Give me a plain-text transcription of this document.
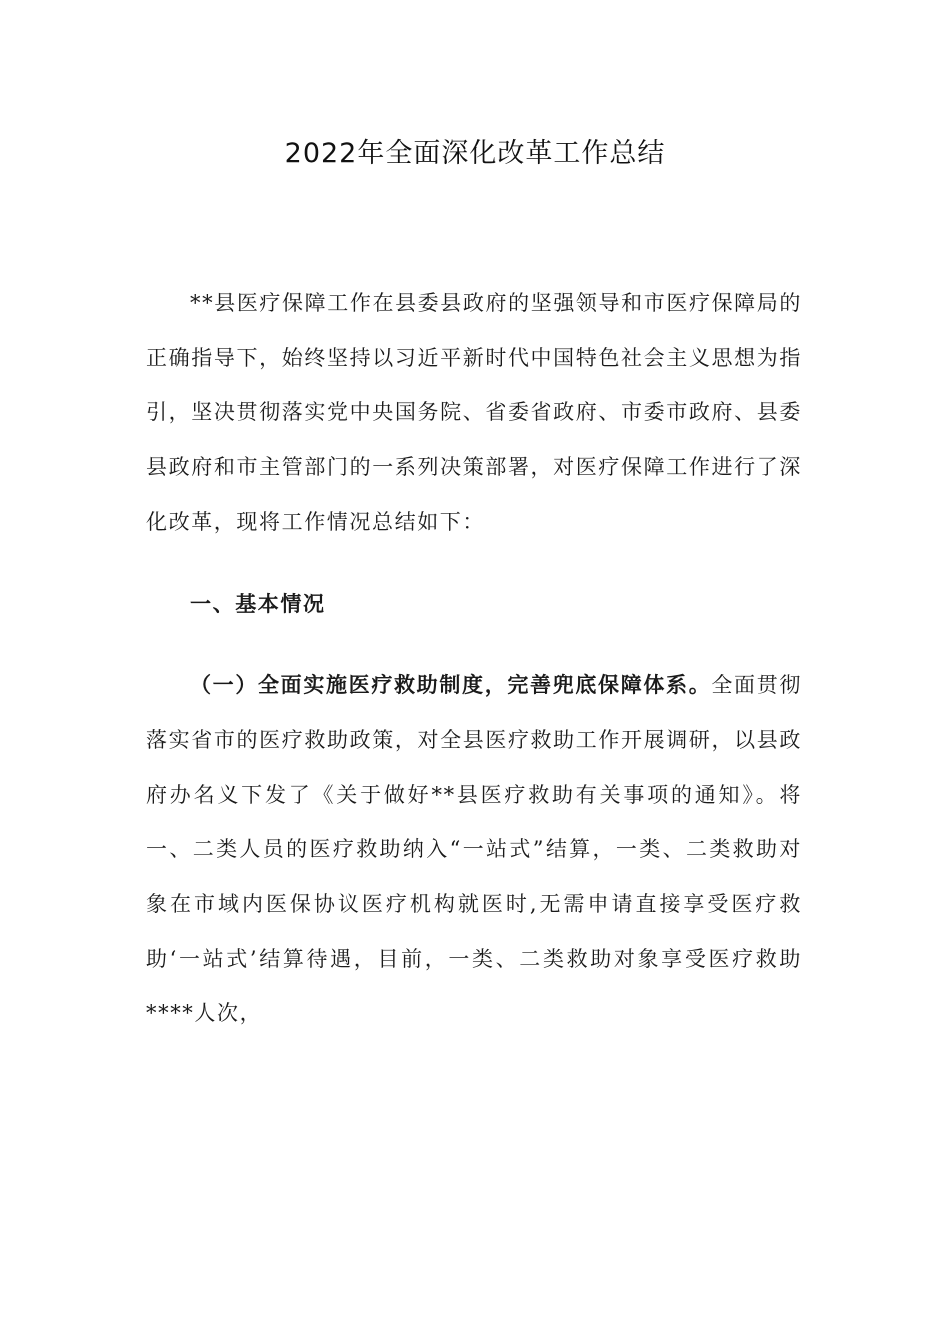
2022年全面深化改革工作总结

**县医疗保障工作在县委县政府的坚强领导和市医疗保障局的正确指导下，始终坚持以习近平新时代中国特色社会主义思想为指引，坚决贯彻落实党中央国务院、省委省政府、市委市政府、县委县政府和市主管部门的一系列决策部署，对医疗保障工作进行了深化改革，现将工作情况总结如下：

一、基本情况

（一）全面实施医疗救助制度，完善兜底保障体系。全面贯彻落实省市的医疗救助政策，对全县医疗救助工作开展调研，以县政府办名义下发了《关于做好**县医疗救助有关事项的通知》。将一、二类人员的医疗救助纳入“一站式”结算，一类、二类救助对象在市域内医保协议医疗机构就医时,无需申请直接享受医疗救助‘一站式’结算待遇，目前，一类、二类救助对象享受医疗救助****人次，
